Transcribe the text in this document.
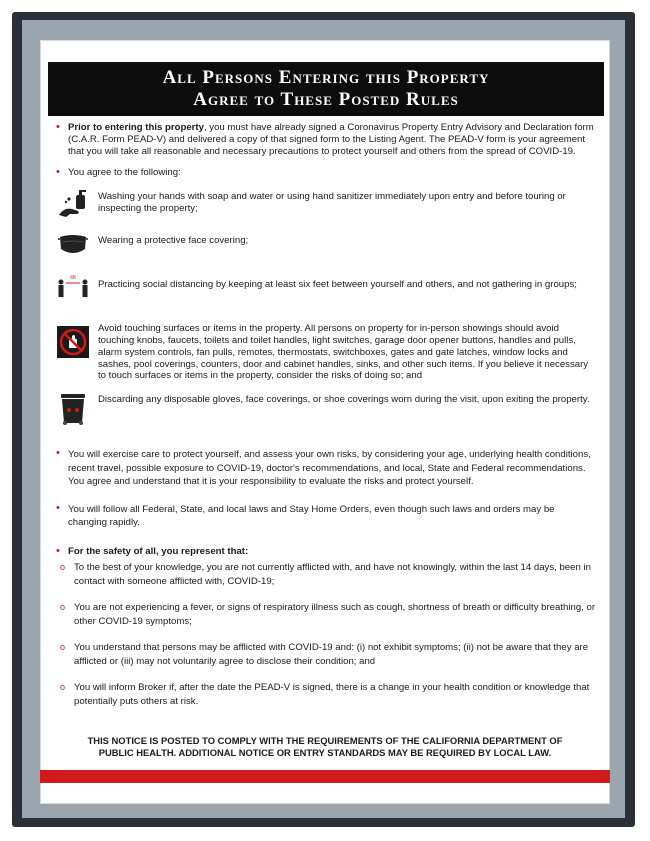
All Persons Entering this Property
Agree to These Posted Rules
• Prior to entering this property, you must have already signed a Coronavirus Property Entry Advisory and Declaration form (C.A.R. Form PEAD-V) and delivered a copy of that signed form to the Listing Agent. The PEAD-V form is your agreement that you will take all reasonable and necessary precautions to protect yourself and others from the spread of COVID-19.
• You agree to the following:
Washing your hands with soap and water or using hand sanitizer immediately upon entry and before touring or inspecting the property;
Wearing a protective face covering;
6ft
Practicing social distancing by keeping at least six feet between yourself and others, and not gathering in groups;
Avoid touching surfaces or items in the property. All persons on property for in-person showings should avoid touching knobs, faucets, toilets and toilet handles, light switches, garage door opener buttons, handles and pulls, alarm system controls, fan pulls, remotes, thermostats, switchboxes, gates and gate latches, window locks and sashes, pool coverings, counters, door and cabinet handles, sinks, and other such items. If you believe it necessary to touch surfaces or items in the property, consider the risks of doing so; and
Discarding any disposable gloves, face coverings, or shoe coverings worn during the visit, upon exiting the property.
• You will exercise care to protect yourself, and assess your own risks, by considering your age, underlying health conditions, recent travel, possible exposure to COVID-19, doctor's recommendations, and local, State and Federal recommendations. You agree and understand that it is your responsibility to evaluate the risks and protect yourself.
• You will follow all Federal, State, and local laws and Stay Home Orders, even though such laws and orders may be changing rapidly.
• For the safety of all, you represent that:
o To the best of your knowledge, you are not currently afflicted with, and have not knowingly, within the last 14 days, been in contact with someone afflicted with, COVID-19;
o You are not experiencing a fever, or signs of respiratory illness such as cough, shortness of breath or difficulty breathing, or other COVID-19 symptoms;
o You understand that persons may be afflicted with COVID-19 and: (i) not exhibit symptoms; (ii) not be aware that they are afflicted or (iii) may not voluntarily agree to disclose their condition; and
o You will inform Broker if, after the date the PEAD-V is signed, there is a change in your health condition or knowledge that potentially puts others at risk.
THIS NOTICE IS POSTED TO COMPLY WITH THE REQUIREMENTS OF THE CALIFORNIA DEPARTMENT OF
PUBLIC HEALTH. ADDITIONAL NOTICE OR ENTRY STANDARDS MAY BE REQUIRED BY LOCAL LAW.
